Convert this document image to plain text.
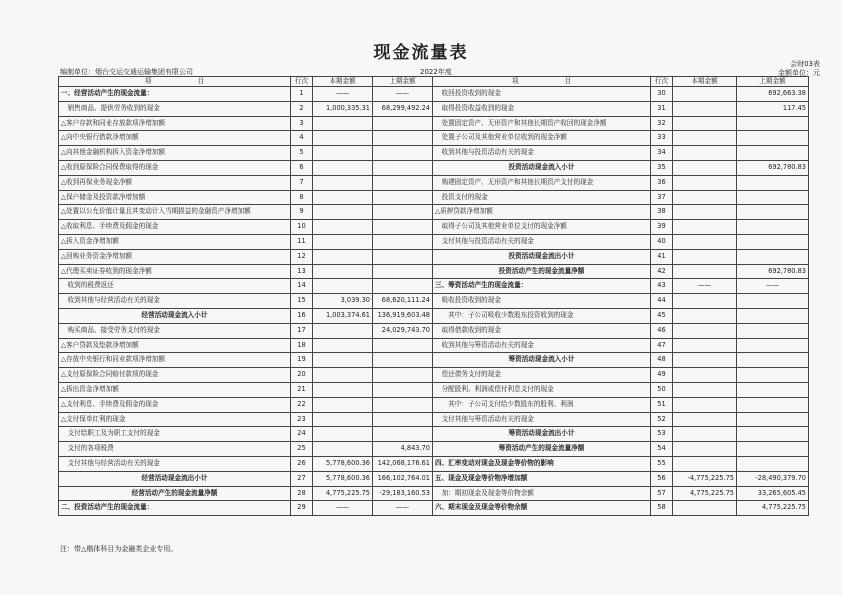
现金流量表
会财03表
编制单位：烟台交运交通运输集团有限公司	2022年度	金额单位：元
项　　　　　　　目	行次	本期金额	上期金额	项　　　　　　　目	行次	本期金额	上期金额
一、经营活动产生的现金流量：	1	——	——	　收回投资收到的现金	30		692,663.38
　销售商品、提供劳务收到的现金	2	1,000,335.31	68,299,492.24	　取得投资收益收到的现金	31		117.45
△客户存款和同业存放款项净增加额	3			　处置固定资产、无形资产和其他长期资产收回的现金净额	32		
△向中央银行借款净增加额	4			　处置子公司及其他营业单位收到的现金净额	33		
△向其他金融机构拆入资金净增加额	5			　收到其他与投资活动有关的现金	34		
△收到原保险合同保费取得的现金	6			投资活动现金流入小计	35		692,780.83
△收到再保业务现金净额	7			　购建固定资产、无形资产和其他长期资产支付的现金	36		
△保户储金及投资款净增加额	8			　投资支付的现金	37		
△处置以公允价值计量且其变动计入当期损益的金融资产净增加额	9			△质押贷款净增加额	38		
△收取利息、手续费及佣金的现金	10			　取得子公司及其他营业单位支付的现金净额	39		
△拆入资金净增加额	11			　支付其他与投资活动有关的现金	40		
△回购业务资金净增加额	12			投资活动现金流出小计	41		
△代理买卖证券收到的现金净额	13			投资活动产生的现金流量净额	42		692,780.83
　收到的税费返还	14			三、筹资活动产生的现金流量：	43	——	——
　收到其他与经营活动有关的现金	15	3,039.30	68,620,111.24	　吸收投资收到的现金	44		
经营活动现金流入小计	16	1,003,374.61	136,919,603.48	　　其中：子公司吸收少数股东投资收到的现金	45		
　购买商品、接受劳务支付的现金	17		24,029,743.70	　取得借款收到的现金	46		
△客户贷款及垫款净增加额	18			　收到其他与筹资活动有关的现金	47		
△存放中央银行和同业款项净增加额	19			筹资活动现金流入小计	48		
△支付原保险合同赔付款项的现金	20			　偿还债务支付的现金	49		
△拆出资金净增加额	21			　分配股利、利润或偿付利息支付的现金	50		
△支付利息、手续费及佣金的现金	22			　　其中：子公司支付给少数股东的股利、利润	51		
△支付保单红利的现金	23			　支付其他与筹资活动有关的现金	52		
　支付给职工及为职工支付的现金	24			筹资活动现金流出小计	53		
　支付的各项税费	25		4,843.70	筹资活动产生的现金流量净额	54		
　支付其他与经营活动有关的现金	26	5,778,600.36	142,068,176.61	四、汇率变动对现金及现金等价物的影响	55		
经营活动现金流出小计	27	5,778,600.36	166,102,764.01	五、现金及现金等价物净增加额	56	-4,775,225.75	-28,490,379.70
经营活动产生的现金流量净额	28	4,775,225.75	-29,183,160.53	　加：期初现金及现金等价物余额	57	4,775,225.75	33,265,605.45
二、投资活动产生的现金流量：	29	——	——	六、期末现金及现金等价物余额	58		4,775,225.75
注：带△楷体科目为金融类企业专用。
